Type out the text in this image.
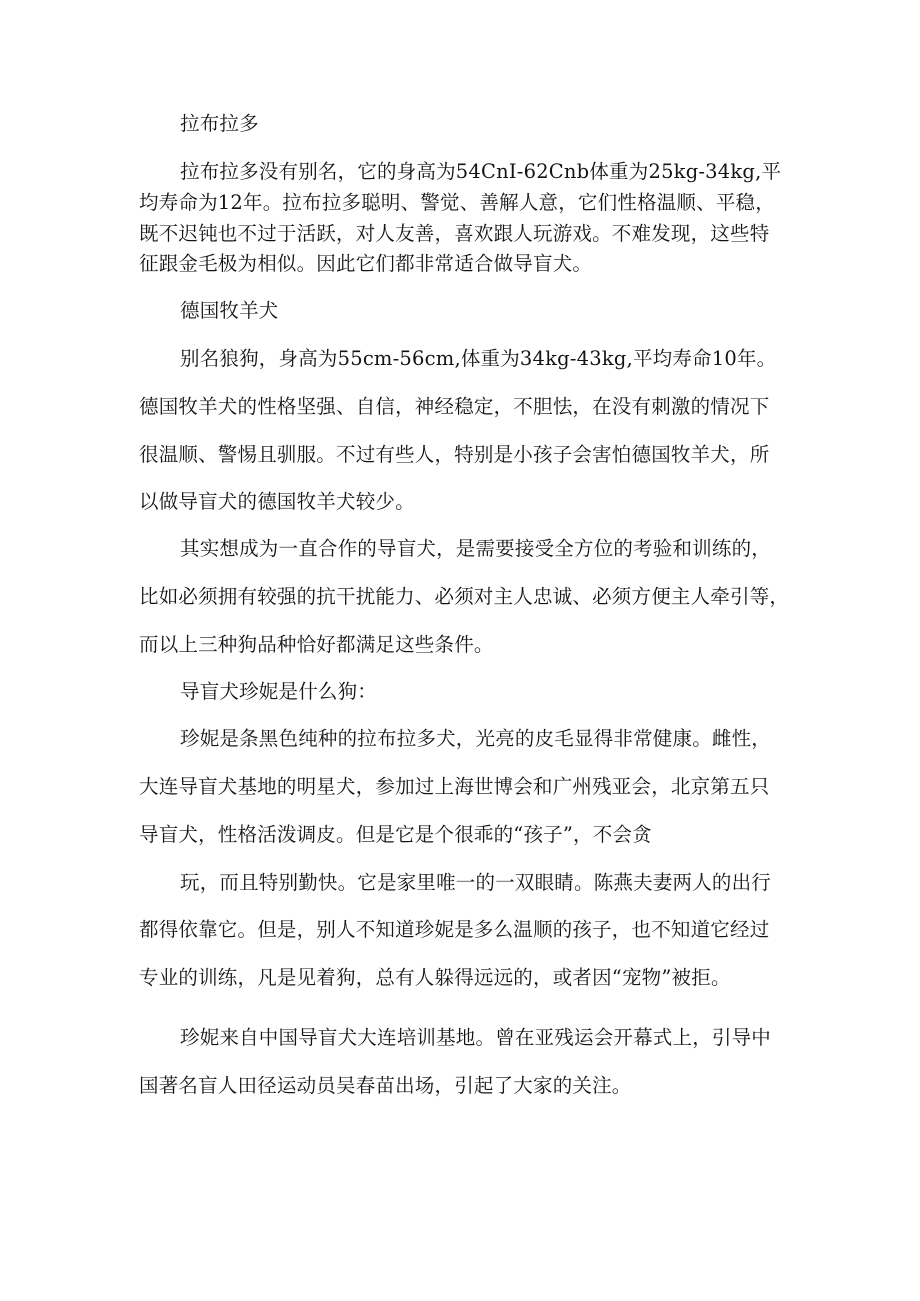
拉布拉多
拉布拉多没有别名，它的身高为54CnI-62Cnb体重为25kg-34kg,平
均寿命为12年。拉布拉多聪明、警觉、善解人意，它们性格温顺、平稳，
既不迟钝也不过于活跃，对人友善，喜欢跟人玩游戏。不难发现，这些特
征跟金毛极为相似。因此它们都非常适合做导盲犬。
德国牧羊犬
别名狼狗，身高为55cm-56cm,体重为34kg-43kg,平均寿命10年。
德国牧羊犬的性格坚强、自信，神经稳定，不胆怯，在没有刺激的情况下
很温顺、警惕且驯服。不过有些人，特别是小孩子会害怕德国牧羊犬，所
以做导盲犬的德国牧羊犬较少。
其实想成为一直合作的导盲犬，是需要接受全方位的考验和训练的，
比如必须拥有较强的抗干扰能力、必须对主人忠诚、必须方便主人牵引等，
而以上三种狗品种恰好都满足这些条件。
导盲犬珍妮是什么狗：
珍妮是条黑色纯种的拉布拉多犬，光亮的皮毛显得非常健康。雌性，
大连导盲犬基地的明星犬，参加过上海世博会和广州残亚会，北京第五只
导盲犬，性格活泼调皮。但是它是个很乖的“孩子”，不会贪
玩，而且特别勤快。它是家里唯一的一双眼睛。陈燕夫妻两人的出行
都得依靠它。但是，别人不知道珍妮是多么温顺的孩子，也不知道它经过
专业的训练，凡是见着狗，总有人躲得远远的，或者因“宠物”被拒。
珍妮来自中国导盲犬大连培训基地。曾在亚残运会开幕式上，引导中
国著名盲人田径运动员吴春苗出场，引起了大家的关注。
